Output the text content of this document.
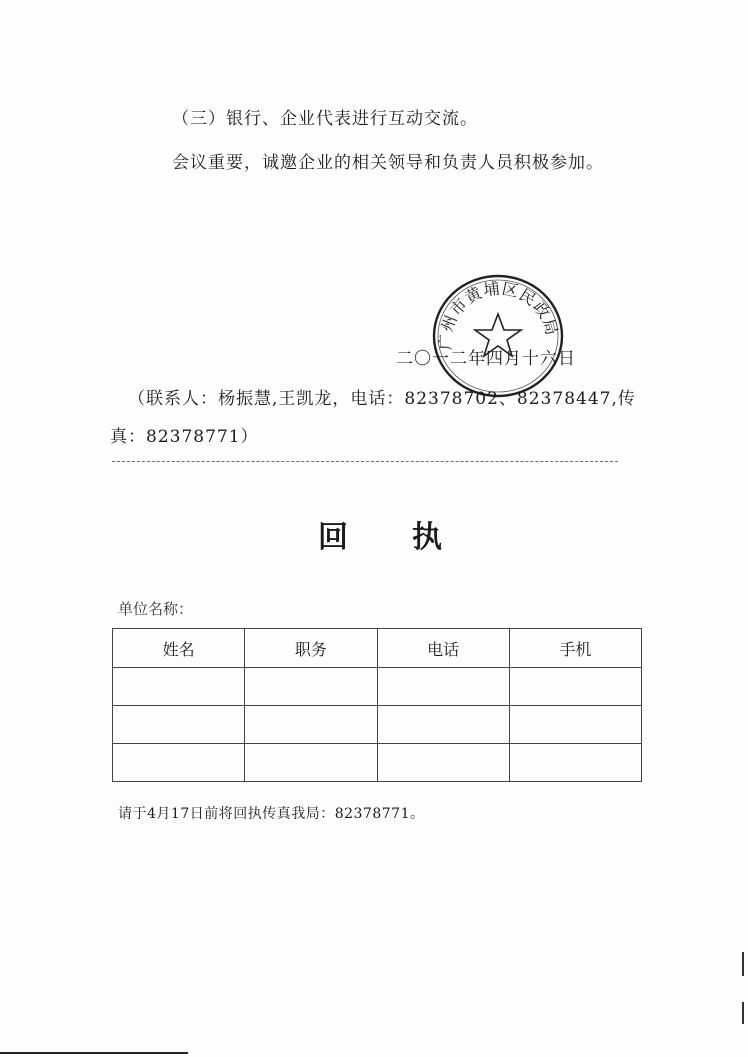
（三）银行、企业代表进行互动交流。
会议重要，诚邀企业的相关领导和负责人员积极参加。
广州市黄埔区民政局
二〇一二年四月十六日
（联系人：杨振慧,王凯龙，电话：82378702、82378447,传
真：82378771）
回执
单位名称：
姓名	职务	电话	手机

请于4月17日前将回执传真我局：82378771。
